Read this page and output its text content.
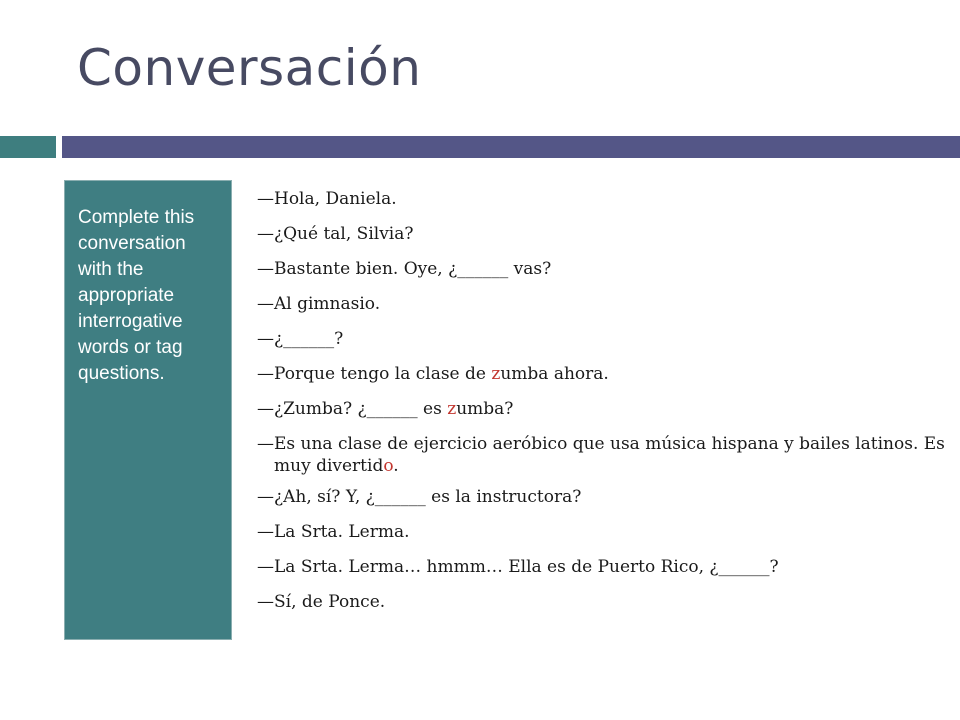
Conversación

Complete this conversation with the appropriate interrogative words or tag questions.

—Hola, Daniela.
—¿Qué tal, Silvia?
—Bastante bien. Oye, ¿______ vas?
—Al gimnasio.
—¿______?
—Porque tengo la clase de zumba ahora.
—¿Zumba? ¿______ es zumba?
—Es una clase de ejercicio aeróbico que usa música hispana y bailes latinos. Es muy divertido.
—¿Ah, sí? Y, ¿______ es la instructora?
—La Srta. Lerma.
—La Srta. Lerma… hmmm… Ella es de Puerto Rico, ¿______?
—Sí, de Ponce.
